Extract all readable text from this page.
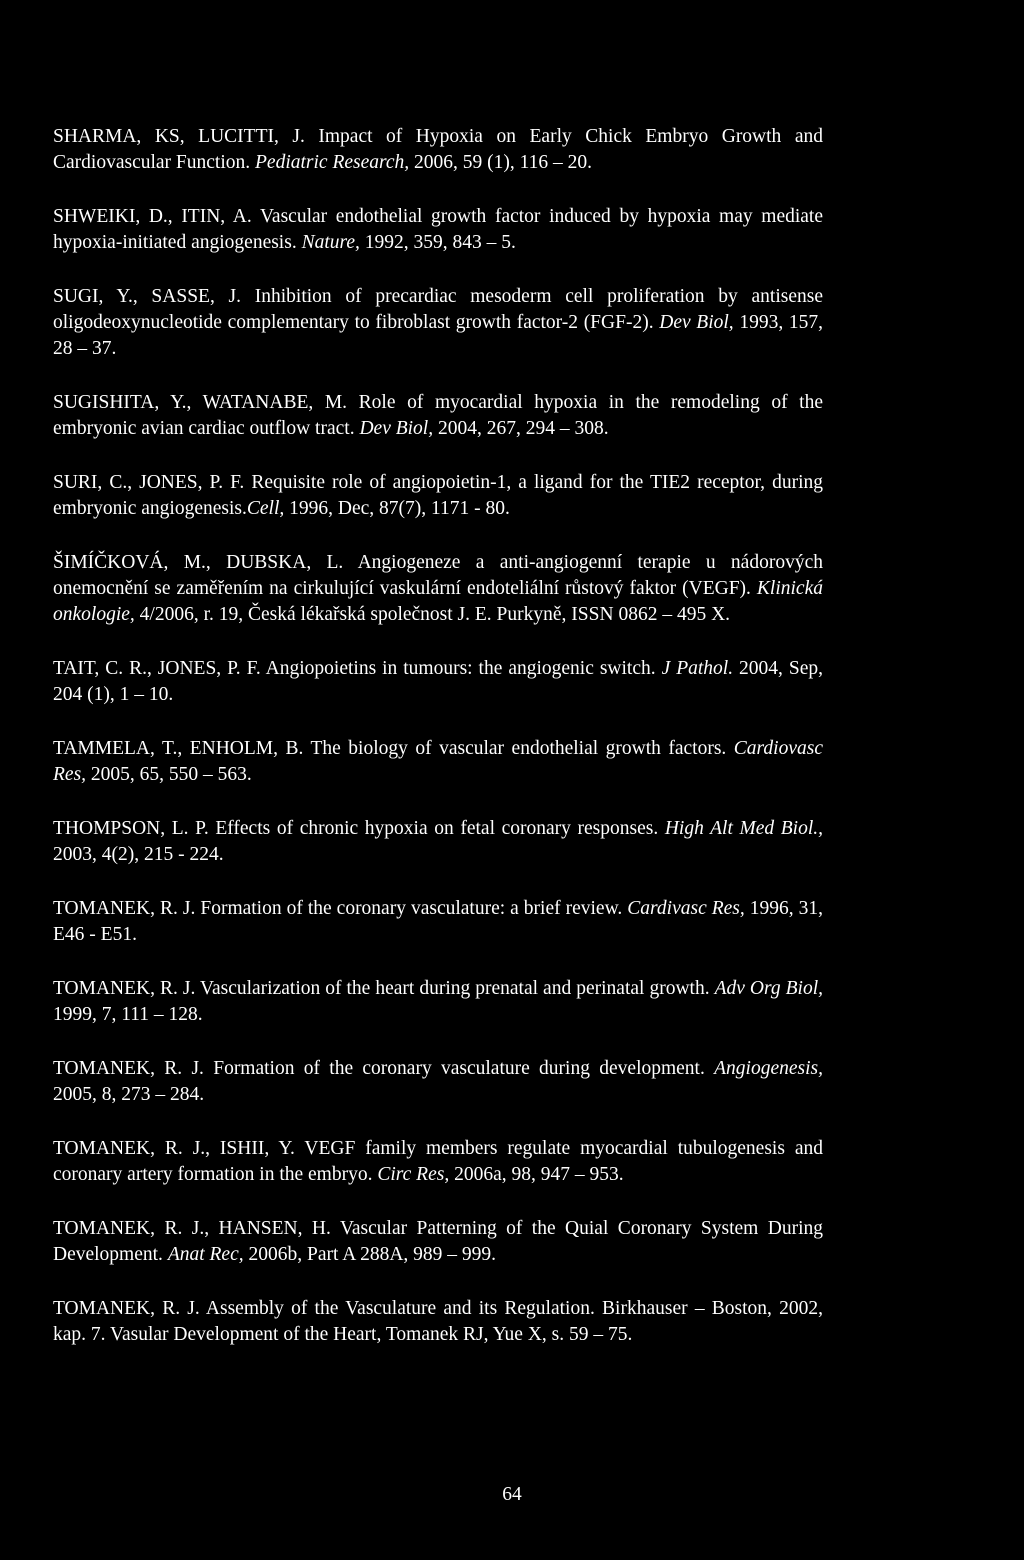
SHARMA, KS, LUCITTI, J. Impact of Hypoxia on Early Chick Embryo Growth and Cardiovascular Function. Pediatric Research, 2006, 59 (1), 116 – 20.
SHWEIKI, D., ITIN, A. Vascular endothelial growth factor induced by hypoxia may mediate hypoxia-initiated angiogenesis. Nature, 1992, 359, 843 – 5.
SUGI, Y., SASSE, J. Inhibition of precardiac mesoderm cell proliferation by antisense oligodeoxynucleotide complementary to fibroblast growth factor-2 (FGF-2). Dev Biol, 1993, 157, 28 – 37.
SUGISHITA, Y., WATANABE, M. Role of myocardial hypoxia in the remodeling of the embryonic avian cardiac outflow tract. Dev Biol, 2004, 267, 294 – 308.
SURI, C., JONES, P. F. Requisite role of angiopoietin-1, a ligand for the TIE2 receptor, during embryonic angiogenesis.Cell, 1996, Dec, 87(7), 1171 - 80.
ŠIMÍČKOVÁ, M., DUBSKA, L. Angiogeneze a anti-angiogenní terapie u nádorových onemocnění se zaměřením na cirkulující vaskulární endoteliální růstový faktor (VEGF). Klinická onkologie, 4/2006, r. 19, Česká lékařská společnost J. E. Purkyně, ISSN 0862 – 495 X.
TAIT, C. R., JONES, P. F. Angiopoietins in tumours: the angiogenic switch. J Pathol. 2004, Sep, 204 (1), 1 – 10.
TAMMELA, T., ENHOLM, B. The biology of vascular endothelial growth factors. Cardiovasc Res, 2005, 65, 550 – 563.
THOMPSON, L. P. Effects of chronic hypoxia on fetal coronary responses. High Alt Med Biol., 2003, 4(2), 215 - 224.
TOMANEK, R. J. Formation of the coronary vasculature: a brief review. Cardivasc Res, 1996, 31, E46 - E51.
TOMANEK, R. J. Vascularization of the heart during prenatal and perinatal growth. Adv Org Biol, 1999, 7, 111 – 128.
TOMANEK, R. J. Formation of the coronary vasculature during development. Angiogenesis, 2005, 8, 273 – 284.
TOMANEK, R. J., ISHII, Y. VEGF family members regulate myocardial tubulogenesis and coronary artery formation in the embryo. Circ Res, 2006a, 98, 947 – 953.
TOMANEK, R. J., HANSEN, H. Vascular Patterning of the Quial Coronary System During Development. Anat Rec, 2006b, Part A 288A, 989 – 999.
TOMANEK, R. J. Assembly of the Vasculature and its Regulation. Birkhauser – Boston, 2002, kap. 7. Vasular Development of the Heart, Tomanek RJ, Yue X, s. 59 – 75.
64
